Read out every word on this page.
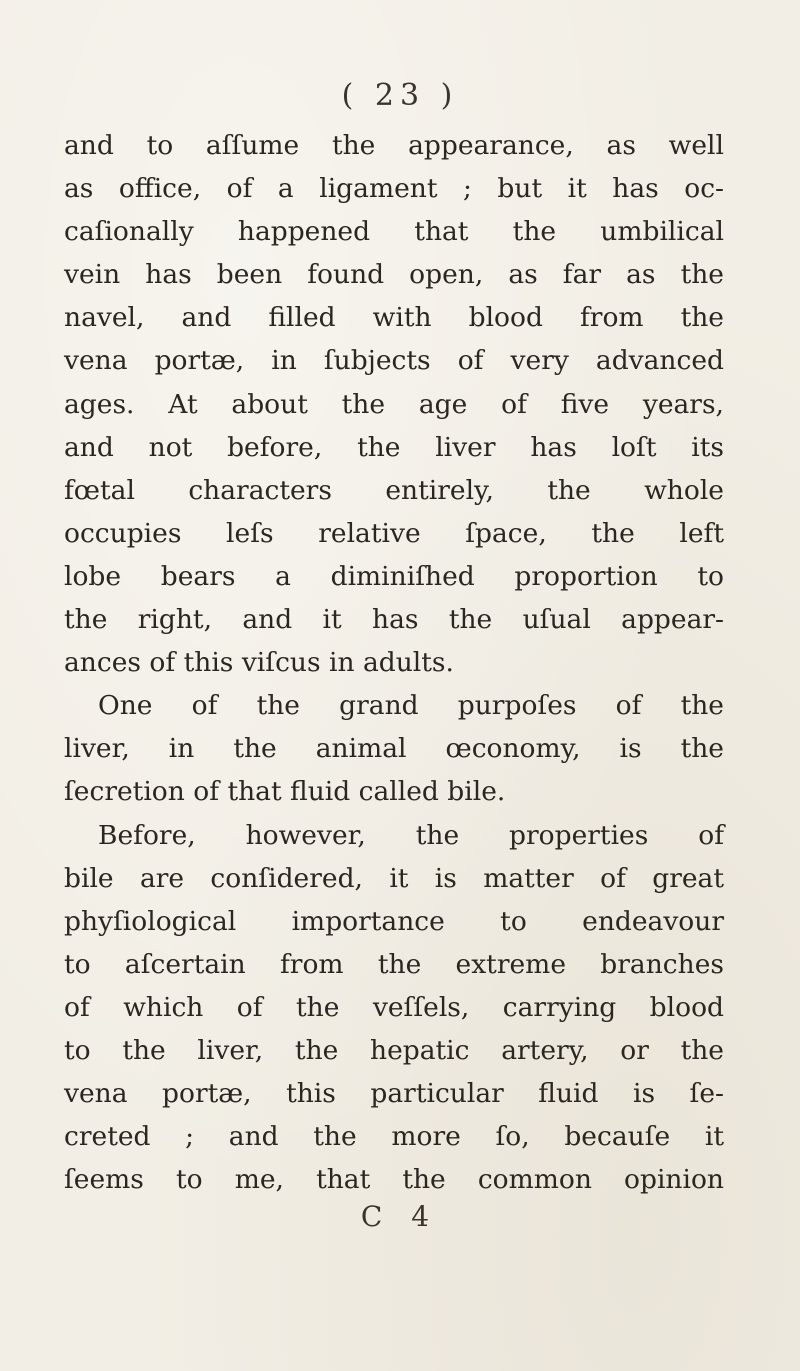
( 23 )
and to aſſume the appearance, as well
as office, of a ligament ; but it has oc-
caſionally happened that the umbilical
vein has been found open, as far as the
navel, and filled with blood from the
vena portæ, in ſubjects of very advanced
ages. At about the age of five years,
and not before, the liver has loſt its
fœtal characters entirely, the whole
occupies leſs relative ſpace, the left
lobe bears a diminiſhed proportion to
the right, and it has the uſual appear-
ances of this viſcus in adults.
One of the grand purpoſes of the
liver, in the animal œconomy, is the
ſecretion of that fluid called bile.
Before, however, the properties of
bile are conſidered, it is matter of great
phyſiological importance to endeavour
to aſcertain from the extreme branches
of which of the veſſels, carrying blood
to the liver, the hepatic artery, or the
vena portæ, this particular fluid is ſe-
creted ; and the more ſo, becauſe it
ſeems to me, that the common opinion
C 4
